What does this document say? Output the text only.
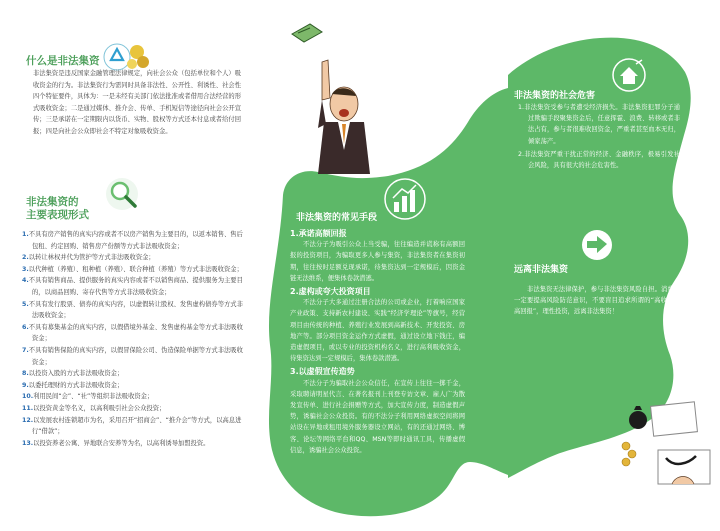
什么是非法集资
非法集资是违反国家金融管理法律规定，向社会公众（包括单位和个人）吸收资金的行为。非法集资行为需同时具备非法性、公开性、利诱性、社会性四个特征要件，具体为：一是未经有关部门依法批准或者借用合法经营的形式吸收资金；二是通过媒体、推介会、传单、手机短信等途径向社会公开宣传；三是承诺在一定期限内以货币、实物、股权等方式还本付息或者给付回报；四是向社会公众即社会不特定对象吸收资金。
非法集资的
主要表现形式
1.不具有房产销售的真实内容或者不以房产销售为主要目的，以返本销售、售后包租、约定回购、销售房产份额等方式非法吸收资金；
2.以转让林权并代为管护等方式非法吸收资金；
3.以代种植（养殖）、租种植（养殖）、联合种植（养殖）等方式非法吸收资金；
4.不具有销售商品、提供服务的真实内容或者不以销售商品、提供服务为主要目的，以商品回购、寄存代售等方式非法吸收资金；
5.不具有发行股票、债券的真实内容，以虚假转让股权、发售虚构债券等方式非法吸收资金；
6.不具有募集基金的真实内容，以假借境外基金、发售虚构基金等方式非法吸收资金；
7.不具有销售保险的真实内容，以假冒保险公司、伪造保险单据等方式非法吸收资金；
8.以投资入股的方式非法吸收资金；
9.以委托理财的方式非法吸收资金；
10.利用民间“会”、“社”等组织非法吸收资金；
11.以投资黄金等名义，以高利吸引社会公众投资；
12.以发展农村连锁超市为名，采用召开“招商会”、“推介会”等方式，以高息进行“借款”；
13.以投资养老公寓、异地联合安养等为名，以高利诱导加盟投资。
非法集资的常见手段
1.承诺高额回报

不法分子为吸引公众上当受骗，往往编造并谎称有高额回报的投资项目，为骗取更多人参与集资，非法集资者在集资初期，往往按时足额兑现承诺，待集资达到一定规模后，因资金链无法维系，便集体卷款潜逃。

2.虚构或夸大投资项目

不法分子大多通过注册合法的公司或企业，打着响应国家产业政策、支持新农村建设、实践“经济学理论”等旗号，经营项目由传统的种植、养殖行业发展到高新技术、开发投资、房地产等。部分项目资金运作方式虚假，通过设立地下钱庄，编造虚假项目，或以专业的投资机构名义，进行高利吸收资金，待集资达到一定规模后，集体卷款潜逃。

3.以虚假宣传造势

不法分子为骗取社会公众信任，在宣传上往往一掷千金，采取聘请明星代言、在著名报刊上刊登专访文章、雇人广为散发宣传单、进行社会捐赠等方式，加大宣传力度，制造虚假声势，诱骗社会公众投资。有的不法分子利用网络虚拟空间将网站设在异地或租用境外服务器设立网站，有的还通过网络、博客、论坛等网络平台和QQ、MSN等即时通讯工具，传播虚假信息，诱骗社会公众投资。

非法集资的社会危害
1.非法集资受参与者遭受经济损失。非法集资犯罪分子通过欺骗手段聚集资金后，任意挥霍、浪费、转移或者非法占有，参与者很难收回资金，严重者甚至血本无归，倾家荡产。
2.非法集资严重干扰正常的经济、金融秩序，极易引发社会风险，具有很大的社会危害性。
远离非法集资

非法集资无法律保护，参与非法集资风险自担。消费者一定要提高风险防范意识，不要盲目追求所谓的“高收益、高回报”，理性投资，远离非法集资！
